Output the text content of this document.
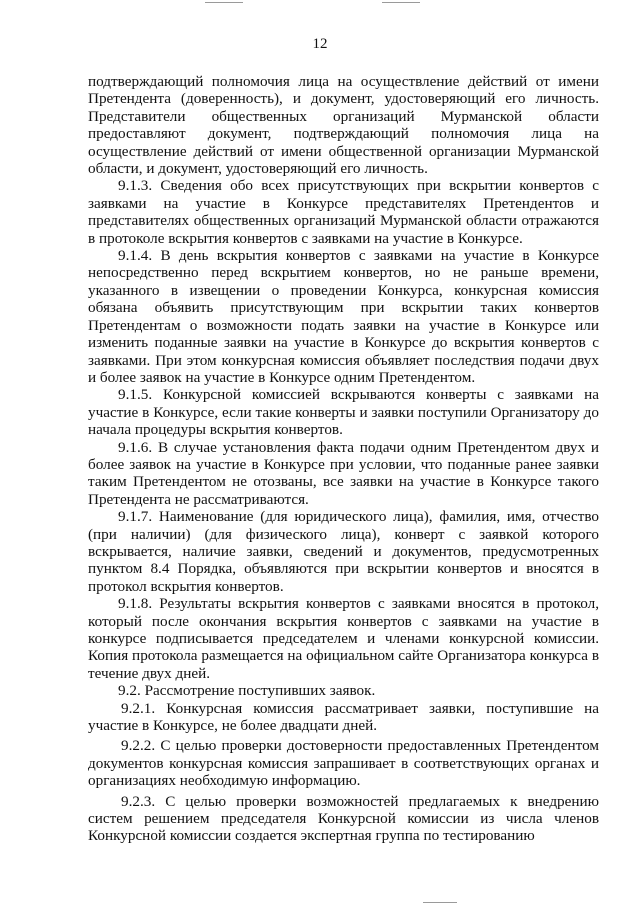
12

подтверждающий полномочия лица на осуществление действий от имени Претендента (доверенность), и документ, удостоверяющий его личность. Представители общественных организаций Мурманской области предоставляют документ, подтверждающий полномочия лица на осуществление действий от имени общественной организации Мурманской области, и документ, удостоверяющий его личность.

9.1.3. Сведения обо всех присутствующих при вскрытии конвертов с заявками на участие в Конкурсе представителях Претендентов и представителях общественных организаций Мурманской области отражаются в протоколе вскрытия конвертов с заявками на участие в Конкурсе.

9.1.4. В день вскрытия конвертов с заявками на участие в Конкурсе непосредственно перед вскрытием конвертов, но не раньше времени, указанного в извещении о проведении Конкурса, конкурсная комиссия обязана объявить присутствующим при вскрытии таких конвертов Претендентам о возможности подать заявки на участие в Конкурсе или изменить поданные заявки на участие в Конкурсе до вскрытия конвертов с заявками. При этом конкурсная комиссия объявляет последствия подачи двух и более заявок на участие в Конкурсе одним Претендентом.

9.1.5. Конкурсной комиссией вскрываются конверты с заявками на участие в Конкурсе, если такие конверты и заявки поступили Организатору до начала процедуры вскрытия конвертов.

9.1.6. В случае установления факта подачи одним Претендентом двух и более заявок на участие в Конкурсе при условии, что поданные ранее заявки таким Претендентом не отозваны, все заявки на участие в Конкурсе такого Претендента не рассматриваются.

9.1.7. Наименование (для юридического лица), фамилия, имя, отчество (при наличии) (для физического лица), конверт с заявкой которого вскрывается, наличие заявки, сведений и документов, предусмотренных пунктом 8.4 Порядка, объявляются при вскрытии конвертов и вносятся в протокол вскрытия конвертов.

9.1.8. Результаты вскрытия конвертов с заявками вносятся в протокол, который после окончания вскрытия конвертов с заявками на участие в конкурсе подписывается председателем и членами конкурсной комиссии. Копия протокола размещается на официальном сайте Организатора конкурса в течение двух дней.

9.2. Рассмотрение поступивших заявок.

9.2.1. Конкурсная комиссия рассматривает заявки, поступившие на участие в Конкурсе, не более двадцати дней.

9.2.2. С целью проверки достоверности предоставленных Претендентом документов конкурсная комиссия запрашивает в соответствующих органах и организациях необходимую информацию.

9.2.3. С целью проверки возможностей предлагаемых к внедрению систем решением председателя Конкурсной комиссии из числа членов Конкурсной комиссии создается экспертная группа по тестированию
